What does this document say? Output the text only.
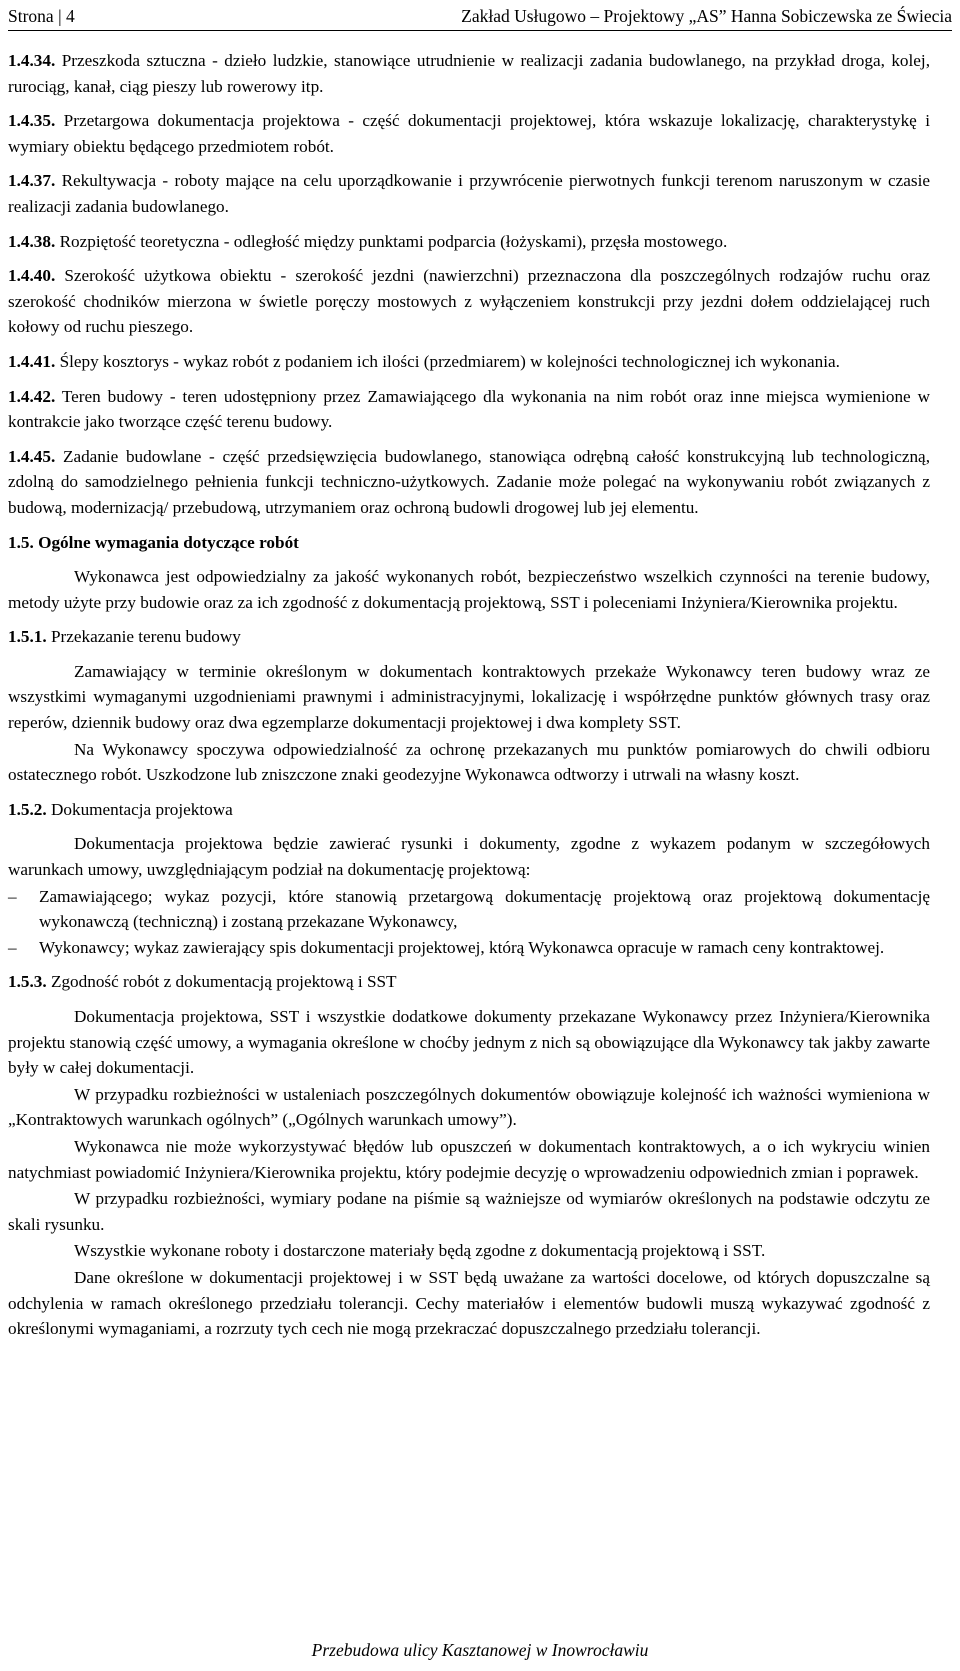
Strona | 4	Zakład Usługowo – Projektowy „AS” Hanna Sobiczewska ze Świecia

1.4.34. Przeszkoda sztuczna - dzieło ludzkie, stanowiące utrudnienie w realizacji zadania budowlanego, na przykład droga, kolej, rurociąg, kanał, ciąg pieszy lub rowerowy itp.

1.4.35. Przetargowa dokumentacja projektowa - część dokumentacji projektowej, która wskazuje lokalizację, charakterystykę i wymiary obiektu będącego przedmiotem robót.

1.4.37. Rekultywacja - roboty mające na celu uporządkowanie i przywrócenie pierwotnych funkcji terenom naruszonym w czasie realizacji zadania budowlanego.

1.4.38. Rozpiętość teoretyczna - odległość między punktami podparcia (łożyskami), przęsła mostowego.

1.4.40. Szerokość użytkowa obiektu - szerokość jezdni (nawierzchni) przeznaczona dla poszczególnych rodzajów ruchu oraz szerokość chodników mierzona w świetle poręczy mostowych z wyłączeniem konstrukcji przy jezdni dołem oddzielającej ruch kołowy od ruchu pieszego.

1.4.41. Ślepy kosztorys - wykaz robót z podaniem ich ilości (przedmiarem) w kolejności technologicznej ich wykonania.

1.4.42. Teren budowy - teren udostępniony przez Zamawiającego dla wykonania na nim robót oraz inne miejsca wymienione w kontrakcie jako tworzące część terenu budowy.

1.4.45. Zadanie budowlane - część przedsięwzięcia budowlanego, stanowiąca odrębną całość konstrukcyjną lub technologiczną, zdolną do samodzielnego pełnienia funkcji techniczno-użytkowych. Zadanie może polegać na wykonywaniu robót związanych z budową, modernizacją/ przebudową, utrzymaniem oraz ochroną budowli drogowej lub jej elementu.

1.5. Ogólne wymagania dotyczące robót

Wykonawca jest odpowiedzialny za jakość wykonanych robót, bezpieczeństwo wszelkich czynności na terenie budowy, metody użyte przy budowie oraz za ich zgodność z dokumentacją projektową, SST i poleceniami Inżyniera/Kierownika projektu.

1.5.1. Przekazanie terenu budowy

Zamawiający w terminie określonym w dokumentach kontraktowych przekaże Wykonawcy teren budowy wraz ze wszystkimi wymaganymi uzgodnieniami prawnymi i administracyjnymi, lokalizację i współrzędne punktów głównych trasy oraz reperów, dziennik budowy oraz dwa egzemplarze dokumentacji projektowej i dwa komplety SST.

Na Wykonawcy spoczywa odpowiedzialność za ochronę przekazanych mu punktów pomiarowych do chwili odbioru ostatecznego robót. Uszkodzone lub zniszczone znaki geodezyjne Wykonawca odtworzy i utrwali na własny koszt.

1.5.2. Dokumentacja projektowa

Dokumentacja projektowa będzie zawierać rysunki i dokumenty, zgodne z wykazem podanym w szczegółowych warunkach umowy, uwzględniającym podział na dokumentację projektową:

– Zamawiającego; wykaz pozycji, które stanowią przetargową dokumentację projektową oraz projektową dokumentację wykonawczą (techniczną) i zostaną przekazane Wykonawcy,
– Wykonawcy; wykaz zawierający spis dokumentacji projektowej, którą Wykonawca opracuje w ramach ceny kontraktowej.

1.5.3. Zgodność robót z dokumentacją projektową i SST

Dokumentacja projektowa, SST i wszystkie dodatkowe dokumenty przekazane Wykonawcy przez Inżyniera/Kierownika projektu stanowią część umowy, a wymagania określone w choćby jednym z nich są obowiązujące dla Wykonawcy tak jakby zawarte były w całej dokumentacji.

W przypadku rozbieżności w ustaleniach poszczególnych dokumentów obowiązuje kolejność ich ważności wymieniona w „Kontraktowych warunkach ogólnych” („Ogólnych warunkach umowy”).

Wykonawca nie może wykorzystywać błędów lub opuszczeń w dokumentach kontraktowych, a o ich wykryciu winien natychmiast powiadomić Inżyniera/Kierownika projektu, który podejmie decyzję o wprowadzeniu odpowiednich zmian i poprawek.

W przypadku rozbieżności, wymiary podane na piśmie są ważniejsze od wymiarów określonych na podstawie odczytu ze skali rysunku.

Wszystkie wykonane roboty i dostarczone materiały będą zgodne z dokumentacją projektową i SST.

Dane określone w dokumentacji projektowej i w SST będą uważane za wartości docelowe, od których dopuszczalne są odchylenia w ramach określonego przedziału tolerancji. Cechy materiałów i elementów budowli muszą wykazywać zgodność z określonymi wymaganiami, a rozrzuty tych cech nie mogą przekraczać dopuszczalnego przedziału tolerancji.

Przebudowa ulicy Kasztanowej w Inowrocławiu
